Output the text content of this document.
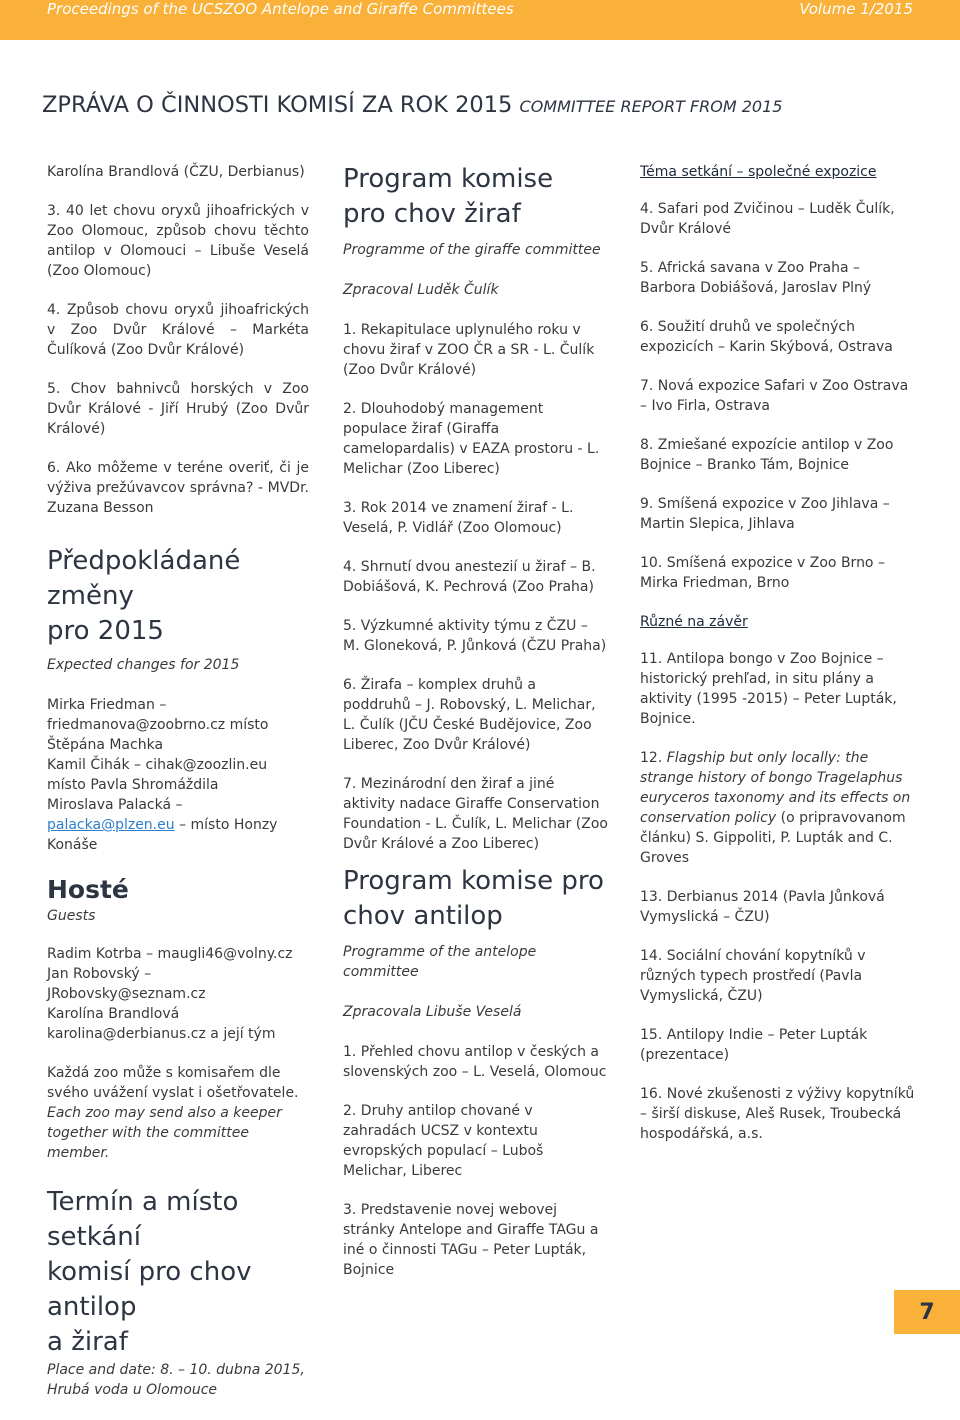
Proceedings of the UCSZOO Antelope and Giraffe Committees	Volume 1/2015
ZPRÁVA O ČINNOSTI KOMISÍ ZA ROK 2015 COMMITTEE REPORT FROM 2015

Karolína Brandlová (ČZU, Derbianus)

3. 40 let chovu oryxů jihoafrických v Zoo Olomouc, způsob chovu těchto antilop v Olomouci – Libuše Veselá (Zoo Olomouc)

4. Způsob chovu oryxů jihoafrických v Zoo Dvůr Králové – Markéta Čulíková (Zoo Dvůr Králové)

5. Chov bahnivců horských v Zoo Dvůr Králové - Jiří Hrubý (Zoo Dvůr Králové)

6. Ako môžeme v teréne overiť, či je výživa prežúvavcov správna? - MVDr. Zuzana Besson

Předpokládané změny
pro 2015

Expected changes for 2015

Mirka Friedman – friedmanova@zoobrno.cz místo Štěpána Machka
Kamil Čihák – cihak@zoozlin.eu místo Pavla Shromáždila
Miroslava Palacká – palacka@plzen.eu – místo Honzy Konáše
Hosté

Guests

Radim Kotrba – maugli46@volny.cz
Jan Robovský – JRobovsky@seznam.cz
Karolína Brandlová karolina@derbianus.cz a její tým
Každá zoo může s komisařem dle svého uvážení vyslat i ošetřovatele.
Each zoo may send also a keeper together with the committee member.
Termín a místo setkání
komisí pro chov antilop
a žiraf

Place and date: 8. – 10. dubna 2015, Hrubá voda u Olomouce

Program komise
pro chov žiraf

Programme of the giraffe committee

Zpracoval Luděk Čulík

1. Rekapitulace uplynulého roku v chovu žiraf v ZOO ČR a SR - L. Čulík (Zoo Dvůr Králové)

2. Dlouhodobý management populace žiraf (Giraffa camelopardalis) v EAZA prostoru - L. Melichar (Zoo Liberec)

3. Rok 2014 ve znamení žiraf - L. Veselá, P. Vidlář (Zoo Olomouc)

4. Shrnutí dvou anestezií u žiraf – B. Dobiášová, K. Pechrová (Zoo Praha)

5. Výzkumné aktivity týmu z ČZU – M. Gloneková, P. Jůnková (ČZU Praha)

6. Žirafa – komplex druhů a poddruhů – J. Robovský, L. Melichar, L. Čulík (JČU České Budějovice, Zoo Liberec, Zoo Dvůr Králové)

7. Mezinárodní den žiraf a jiné aktivity nadace Giraffe Conservation Foundation - L. Čulík, L. Melichar (Zoo Dvůr Králové a Zoo Liberec)

Program komise pro
chov antilop

Programme of the antelope committee

Zpracovala Libuše Veselá

1. Přehled chovu antilop v českých a slovenských zoo – L. Veselá, Olomouc

2. Druhy antilop chované v zahradách UCSZ v kontextu evropských populací – Luboš Melichar, Liberec

3. Predstavenie novej webovej stránky Antelope and Giraffe TAGu a iné o činnosti TAGu – Peter Lupták, Bojnice

Téma setkání – společné expozice

4. Safari pod Zvičinou – Luděk Čulík, Dvůr Králové

5. Africká savana v Zoo Praha – Barbora Dobiášová, Jaroslav Plný

6. Soužití druhů ve společných expozicích – Karin Skýbová, Ostrava

7. Nová expozice Safari v Zoo Ostrava – Ivo Firla, Ostrava

8. Zmiešané expozície antilop v Zoo Bojnice – Branko Tám, Bojnice

9. Smíšená expozice v Zoo Jihlava – Martin Slepica, Jihlava

10. Smíšená expozice v Zoo Brno – Mirka Friedman, Brno

Různé na závěr

11. Antilopa bongo v Zoo Bojnice – historický prehľad, in situ plány a aktivity (1995 -2015) – Peter Lupták, Bojnice.

12. Flagship but only locally: the strange history of bongo Tragelaphus euryceros taxonomy and its effects on conservation policy (o pripravovanom článku) S. Gippoliti, P. Lupták and C. Groves

13. Derbianus 2014 (Pavla Jůnková Vymyslická – ČZU)

14. Sociální chování kopytníků v různých typech prostředí (Pavla Vymyslická, ČZU)

15. Antilopy Indie – Peter Lupták (prezentace)

16. Nové zkušenosti z výživy kopytníků – širší diskuse, Aleš Rusek, Troubecká hospodářská, a.s.

7
